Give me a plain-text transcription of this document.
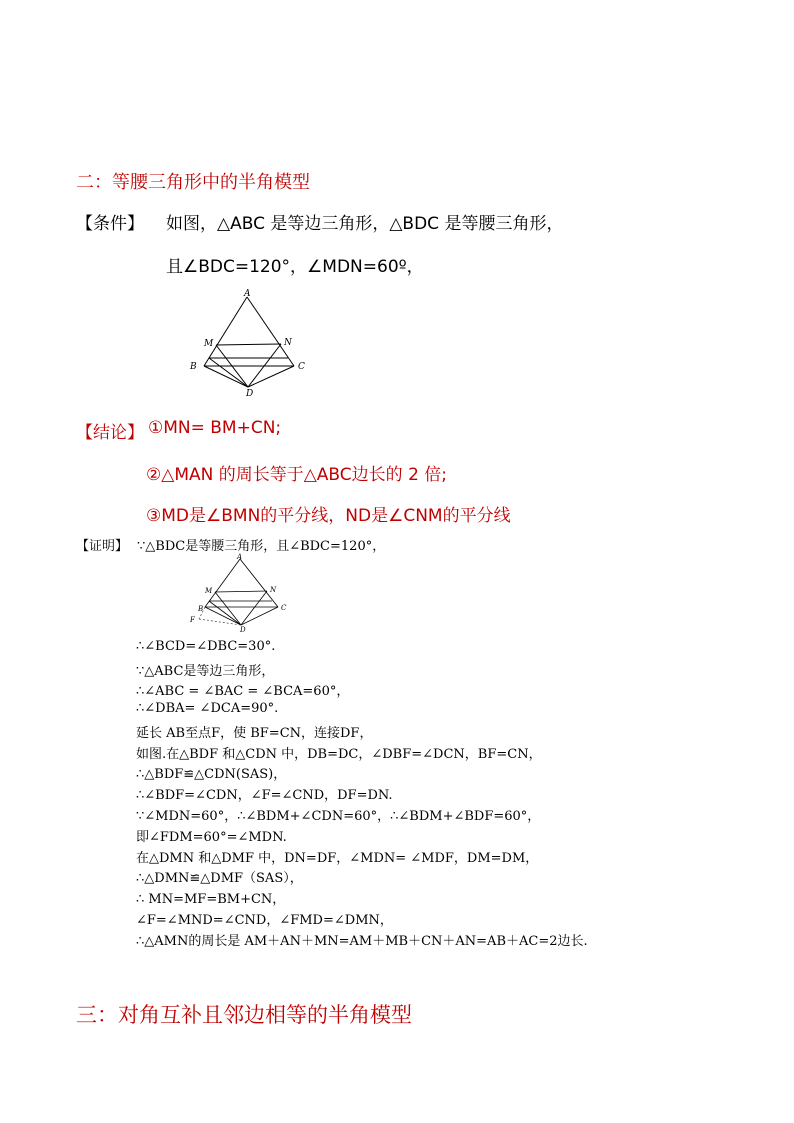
二：等腰三角形中的半角模型
【条件】 如图，△ABC 是等边三角形，△BDC 是等腰三角形，
且∠BDC=120°，∠MDN=60º，
A
M	N
B	C
D
【结论】 ①MN= BM+CN;
②△MAN 的周长等于△ABC边长的 2 倍;
③MD是∠BMN的平分线，ND是∠CNM的平分线
【证明】 ∵△BDC是等腰三角形，且∠BDC=120°，
A
M	N
B	C
D
F
∴∠BCD=∠DBC=30°.
∵△ABC是等边三角形，
∴∠ABC = ∠BAC = ∠BCA=60°，
∴∠DBA= ∠DCA=90°.
延长 AB至点F，使 BF=CN，连接DF，
如图.在△BDF 和△CDN 中，DB=DC，∠DBF=∠DCN，BF=CN，
∴△BDF≌△CDN(SAS)，
∴∠BDF=∠CDN，∠F=∠CND，DF=DN.
∵∠MDN=60°，∴∠BDM+∠CDN=60°，∴∠BDM+∠BDF=60°，
即∠FDM=60°=∠MDN.
在△DMN 和△DMF 中，DN=DF，∠MDN= ∠MDF，DM=DM，
∴△DMN≌△DMF（SAS），
∴ MN=MF=BM+CN，
∠F=∠MND=∠CND，∠FMD=∠DMN，
∴△AMN的周长是 AM＋AN＋MN=AM＋MB＋CN＋AN=AB＋AC=2边长.
三：对角互补且邻边相等的半角模型
